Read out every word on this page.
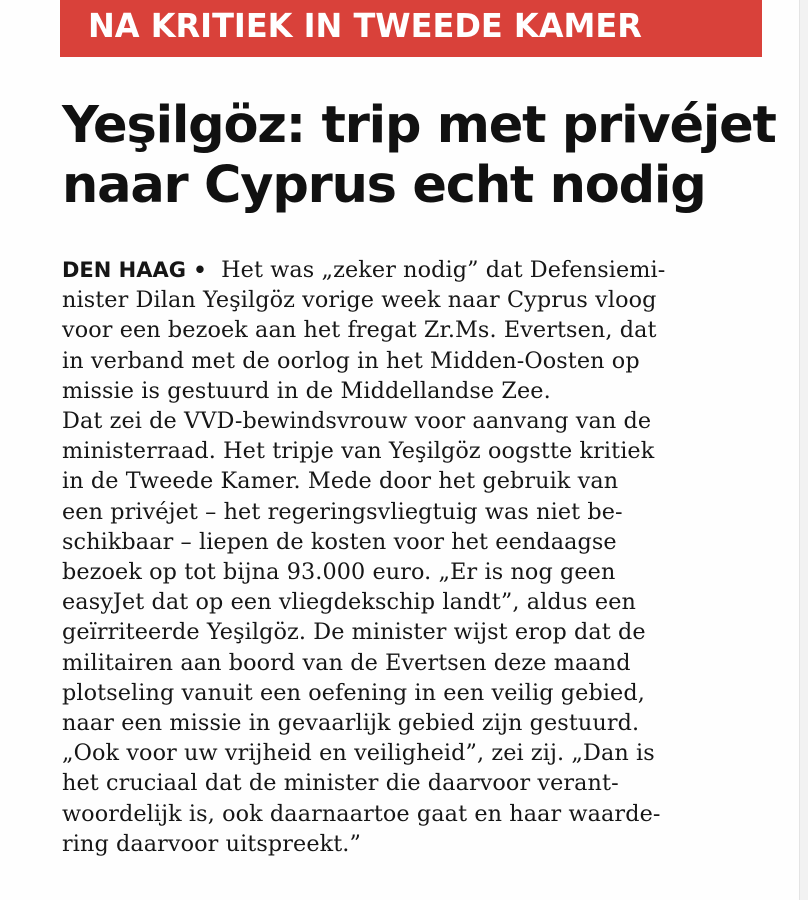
NA KRITIEK IN TWEEDE KAMER
Yeşilgöz: trip met privéjet
naar Cyprus echt nodig
DEN HAAG • Het was „zeker nodig” dat Defensiemi-
nister Dilan Yeşilgöz vorige week naar Cyprus vloog
voor een bezoek aan het fregat Zr.Ms. Evertsen, dat
in verband met de oorlog in het Midden-Oosten op
missie is gestuurd in de Middellandse Zee.
Dat zei de VVD-bewindsvrouw voor aanvang van de
ministerraad. Het tripje van Yeşilgöz oogstte kritiek
in de Tweede Kamer. Mede door het gebruik van
een privéjet – het regeringsvliegtuig was niet be-
schikbaar – liepen de kosten voor het eendaagse
bezoek op tot bijna 93.000 euro. „Er is nog geen
easyJet dat op een vliegdekschip landt”, aldus een
geïrriteerde Yeşilgöz. De minister wijst erop dat de
militairen aan boord van de Evertsen deze maand
plotseling vanuit een oefening in een veilig gebied,
naar een missie in gevaarlijk gebied zijn gestuurd.
„Ook voor uw vrijheid en veiligheid”, zei zij. „Dan is
het cruciaal dat de minister die daarvoor verant-
woordelijk is, ook daarnaartoe gaat en haar waarde-
ring daarvoor uitspreekt.”
